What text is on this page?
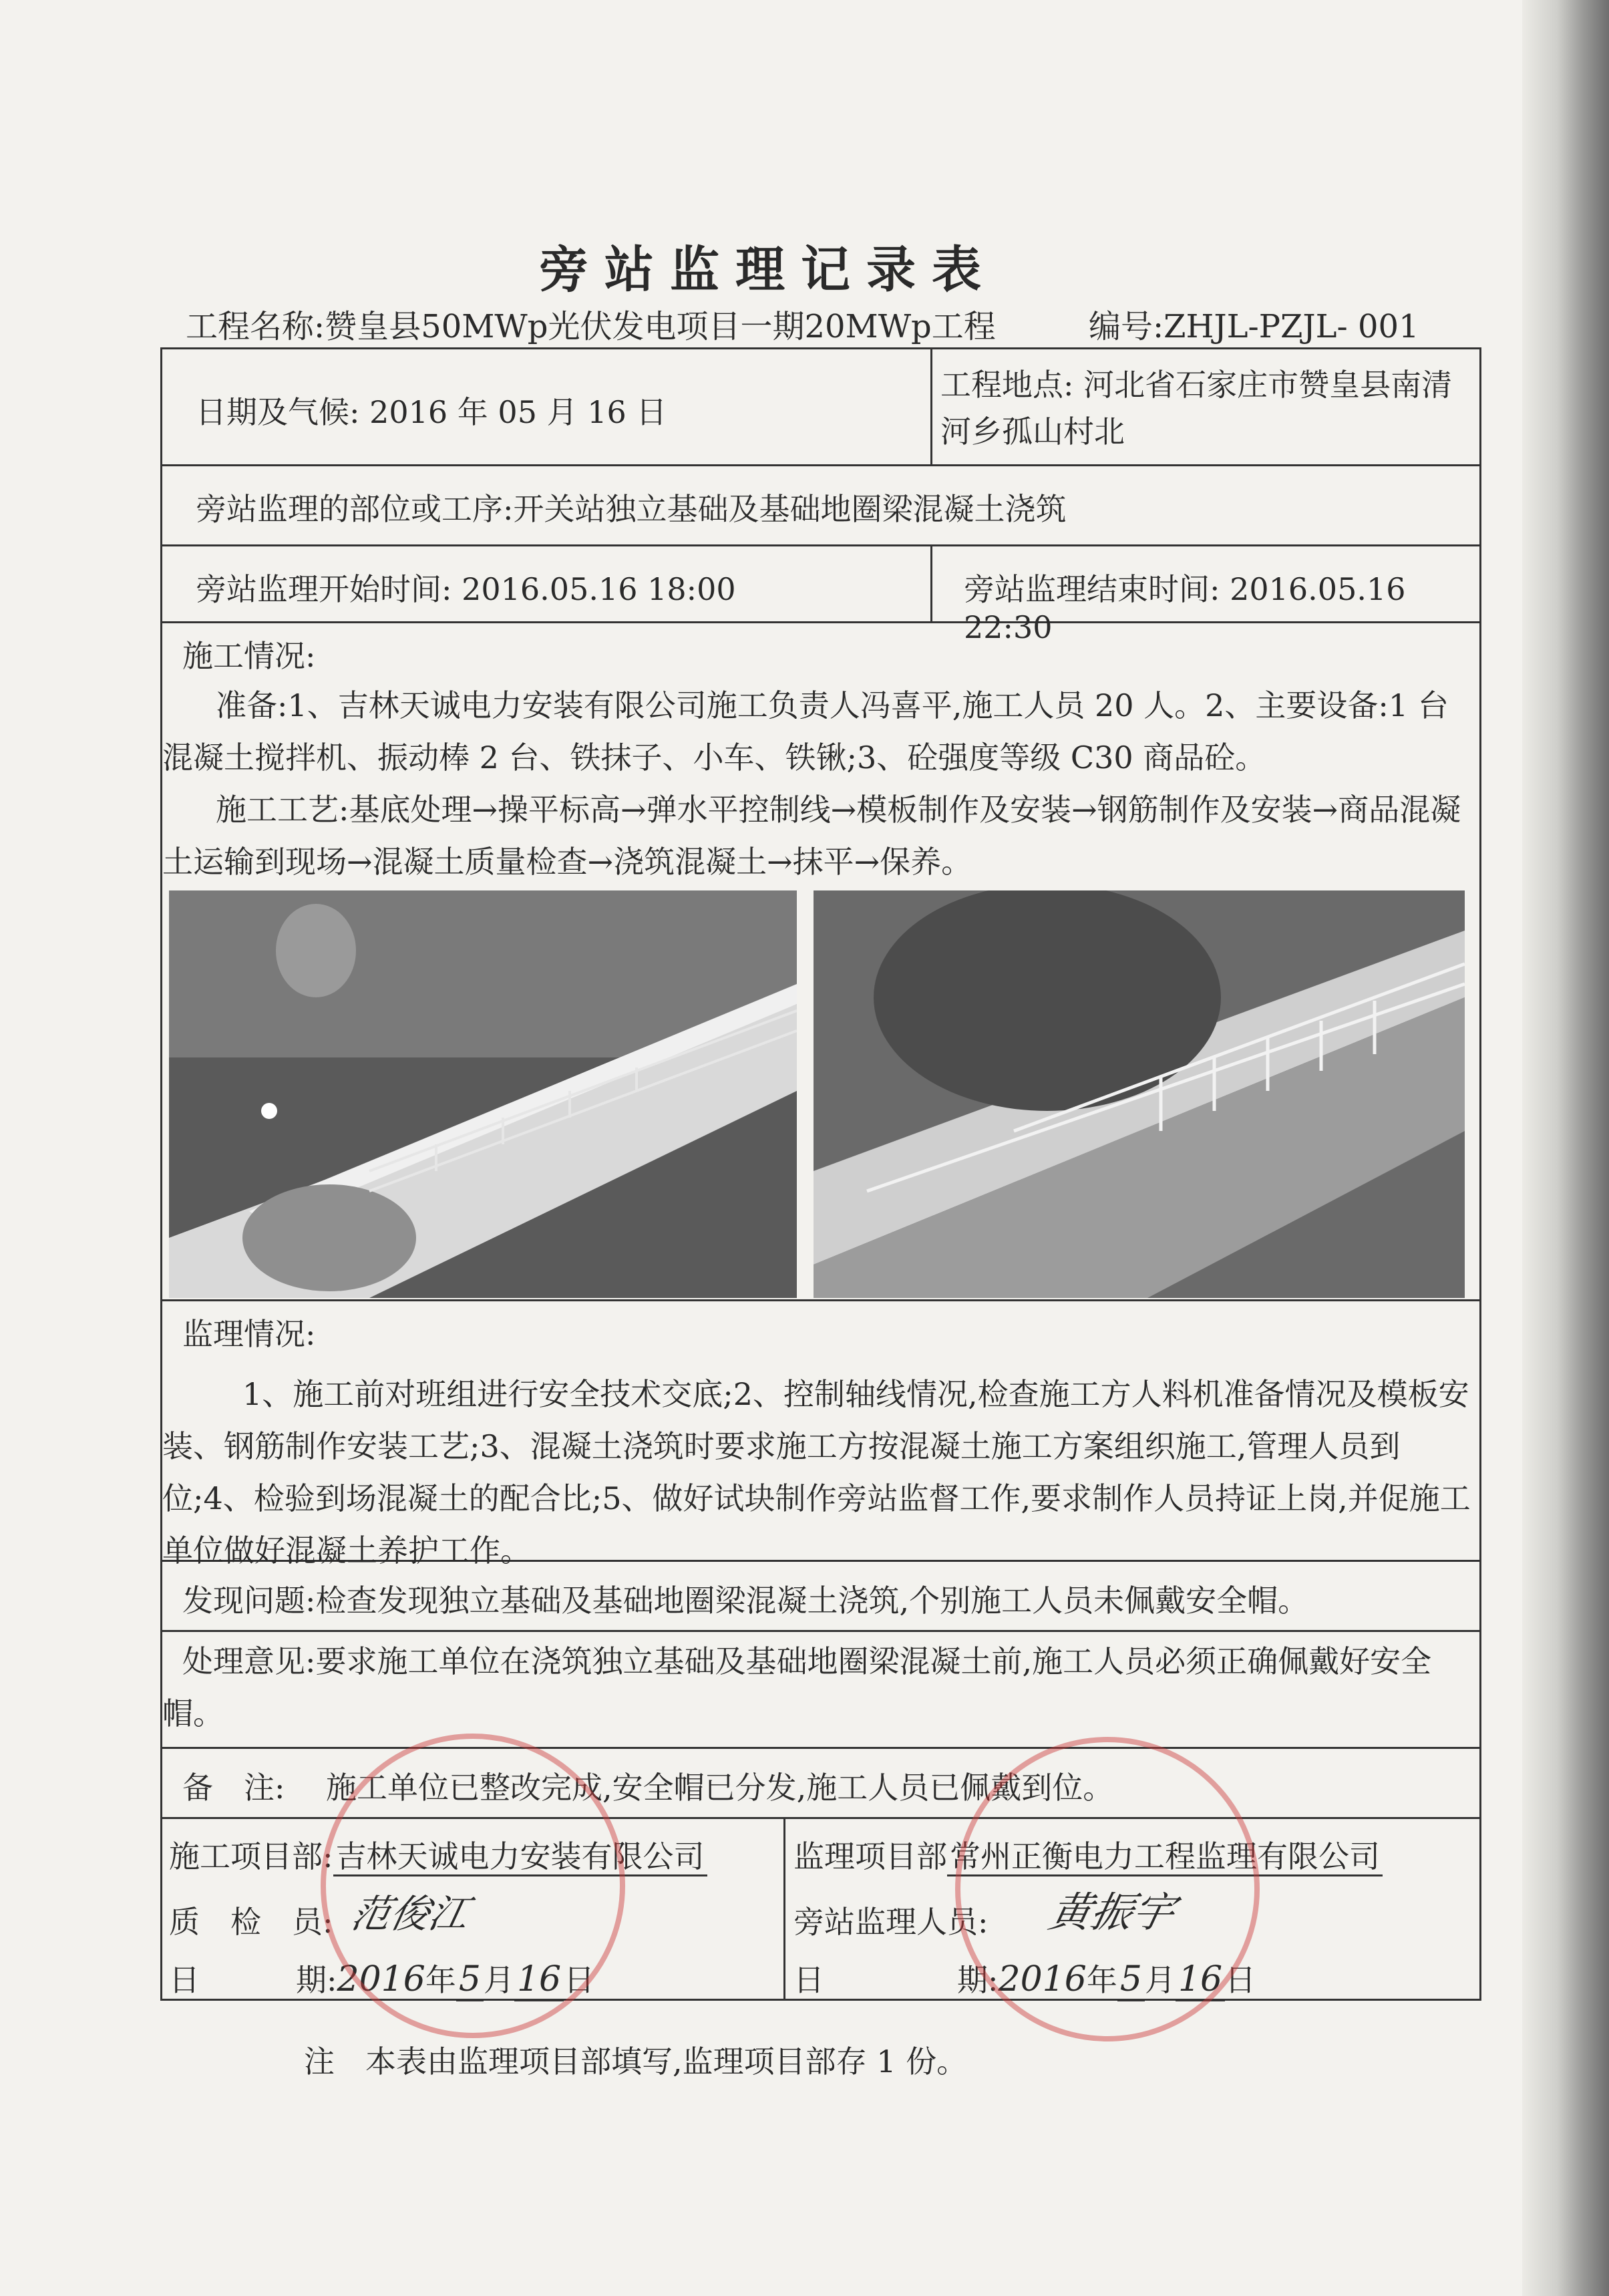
旁站监理记录表
工程名称:赞皇县50MWp光伏发电项目一期20MWp工程	编号:ZHJL-PZJL- 001
日期及气候: 2016 年 05 月 16 日
工程地点: 河北省石家庄市赞皇县南清河乡孤山村北
旁站监理的部位或工序:开关站独立基础及基础地圈梁混凝土浇筑
旁站监理开始时间: 2016.05.16 18:00	旁站监理结束时间: 2016.05.16 22:30
施工情况:

准备:1、吉林天诚电力安装有限公司施工负责人冯喜平,施工人员 20 人。2、主要设备:1 台混凝土搅拌机、振动棒 2 台、铁抹子、小车、铁锹;3、砼强度等级 C30 商品砼。

施工工艺:基底处理→操平标高→弹水平控制线→模板制作及安装→钢筋制作及安装→商品混凝土运输到现场→混凝土质量检查→浇筑混凝土→抹平→保养。

监理情况:

1、施工前对班组进行安全技术交底;2、控制轴线情况,检查施工方人料机准备情况及模板安装、钢筋制作安装工艺;3、混凝土浇筑时要求施工方按混凝土施工方案组织施工,管理人员到位;4、检验到场混凝土的配合比;5、做好试块制作旁站监督工作,要求制作人员持证上岗,并促施工单位做好混凝土养护工作。

发现问题:检查发现独立基础及基础地圈梁混凝土浇筑,个别施工人员未佩戴安全帽。

处理意见:要求施工单位在浇筑独立基础及基础地圈梁混凝土前,施工人员必须正确佩戴好安全帽。

备　注:	施工单位已整改完成,安全帽已分发,施工人员已佩戴到位。
施工项目部:吉林天诚电力安装有限公司
质　检　员: 范俊江
日	期:2016年5月16日
监理项目部常州正衡电力工程监理有限公司
旁站监理人员: 黄振宇
日	期:2016年5月16日
注　本表由监理项目部填写,监理项目部存 1 份。
